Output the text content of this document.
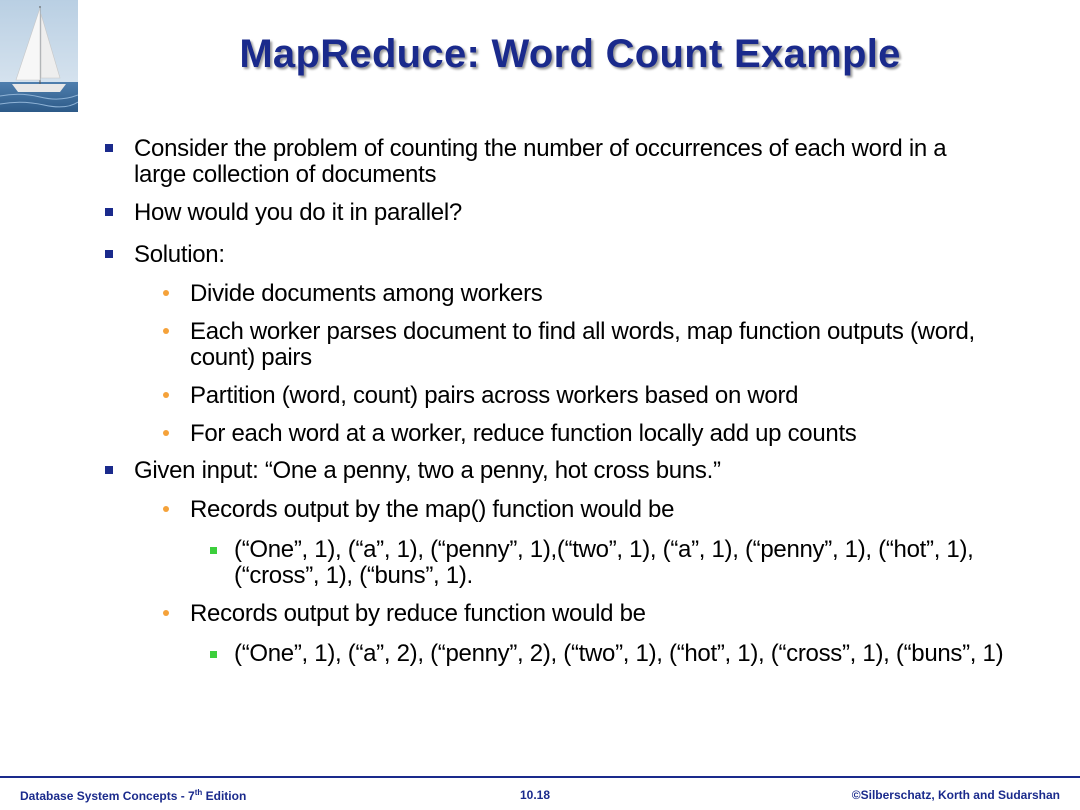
MapReduce: Word Count Example
Consider the problem of counting the number of occurrences of each word in a large collection of documents
How would you do it in parallel?
Solution:
Divide documents among workers
Each worker parses document to find all words, map function outputs (word, count) pairs
Partition (word, count) pairs across workers based on word
For each word at a worker, reduce function locally add up counts
Given input: “One a penny, two a penny, hot cross buns.”
Records output by the map() function would be
(“One”, 1), (“a”, 1), (“penny”, 1),(“two”, 1), (“a”, 1), (“penny”, 1), (“hot”, 1), (“cross”, 1), (“buns”, 1).
Records output by reduce function would be
(“One”, 1), (“a”, 2), (“penny”, 2), (“two”, 1), (“hot”, 1), (“cross”, 1), (“buns”, 1)
Database System Concepts - 7th Edition	10.18	©Silberschatz, Korth and Sudarshan
